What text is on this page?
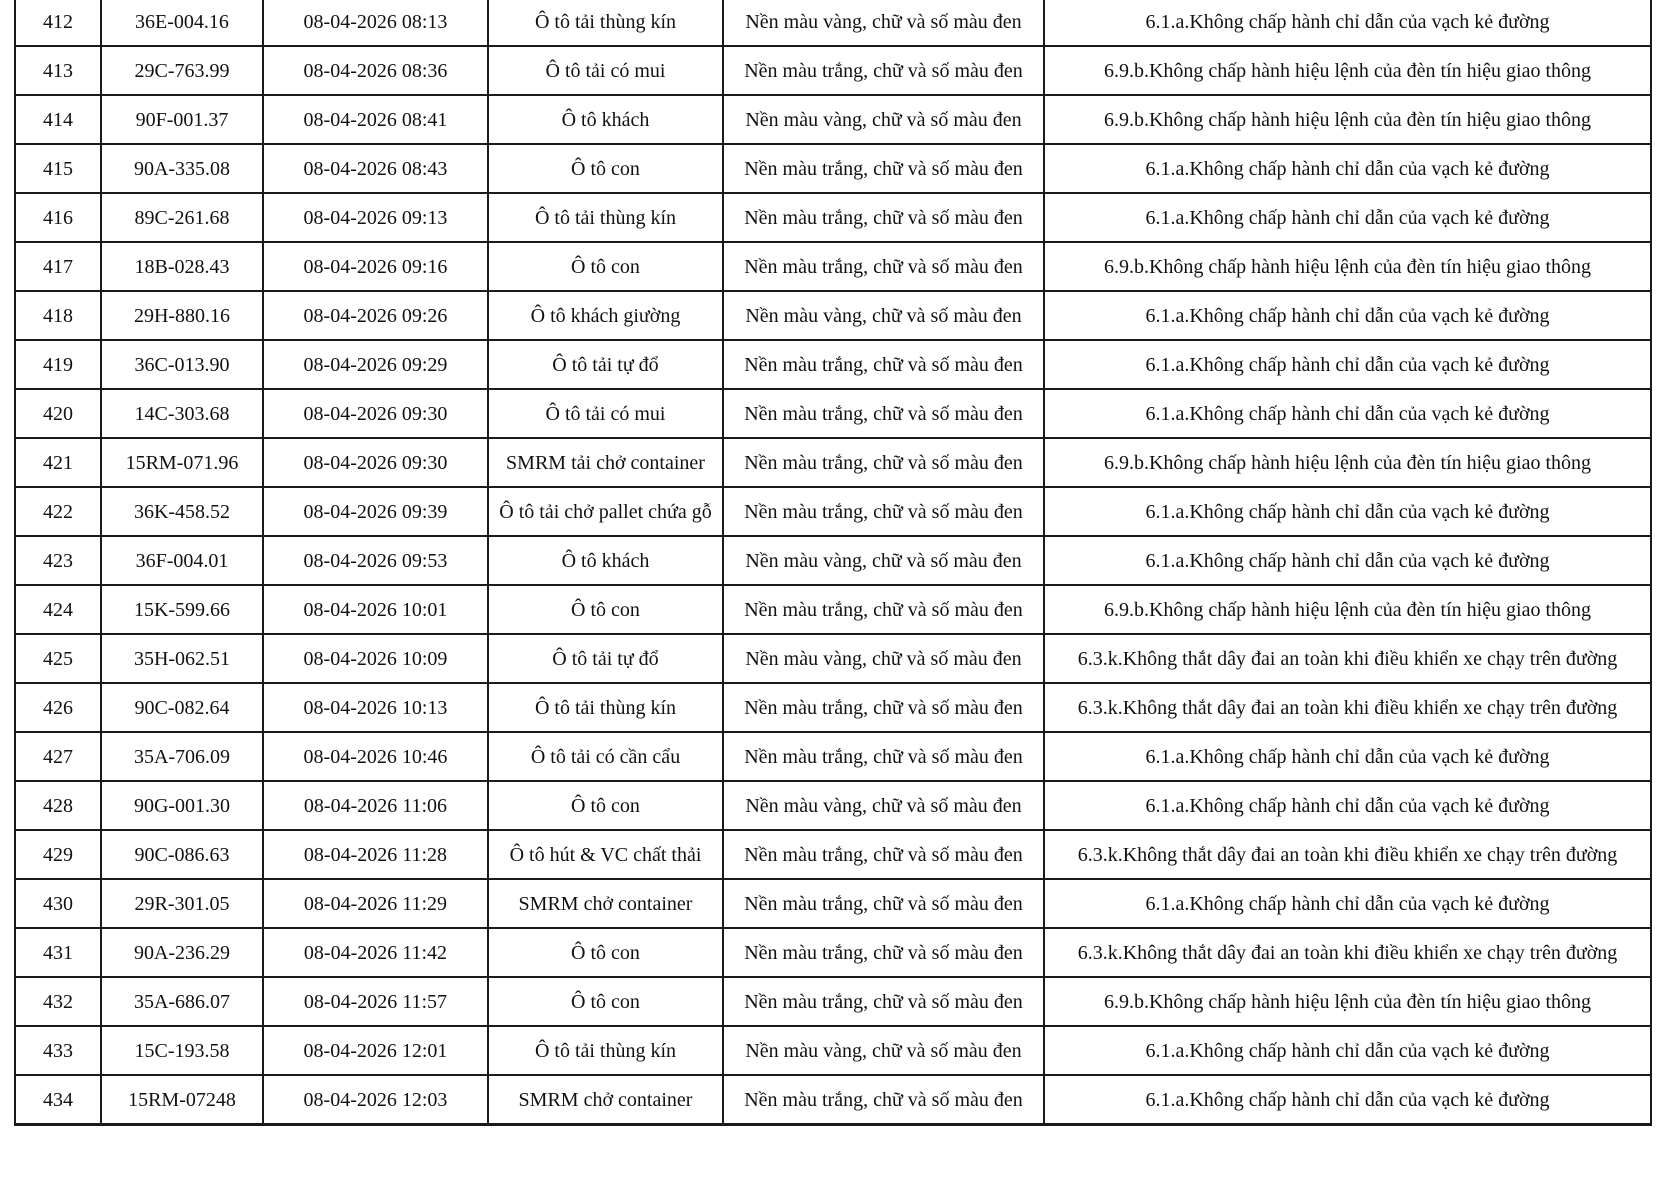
412	36E-004.16	08-04-2026 08:13	Ô tô tải thùng kín	Nền màu vàng, chữ và số màu đen	6.1.a.Không chấp hành chỉ dẫn của vạch kẻ đường
413	29C-763.99	08-04-2026 08:36	Ô tô tải có mui	Nền màu trắng, chữ và số màu đen	6.9.b.Không chấp hành hiệu lệnh của đèn tín hiệu giao thông
414	90F-001.37	08-04-2026 08:41	Ô tô khách	Nền màu vàng, chữ và số màu đen	6.9.b.Không chấp hành hiệu lệnh của đèn tín hiệu giao thông
415	90A-335.08	08-04-2026 08:43	Ô tô con	Nền màu trắng, chữ và số màu đen	6.1.a.Không chấp hành chỉ dẫn của vạch kẻ đường
416	89C-261.68	08-04-2026 09:13	Ô tô tải thùng kín	Nền màu trắng, chữ và số màu đen	6.1.a.Không chấp hành chỉ dẫn của vạch kẻ đường
417	18B-028.43	08-04-2026 09:16	Ô tô con	Nền màu trắng, chữ và số màu đen	6.9.b.Không chấp hành hiệu lệnh của đèn tín hiệu giao thông
418	29H-880.16	08-04-2026 09:26	Ô tô khách giường	Nền màu vàng, chữ và số màu đen	6.1.a.Không chấp hành chỉ dẫn của vạch kẻ đường
419	36C-013.90	08-04-2026 09:29	Ô tô tải tự đổ	Nền màu trắng, chữ và số màu đen	6.1.a.Không chấp hành chỉ dẫn của vạch kẻ đường
420	14C-303.68	08-04-2026 09:30	Ô tô tải có mui	Nền màu trắng, chữ và số màu đen	6.1.a.Không chấp hành chỉ dẫn của vạch kẻ đường
421	15RM-071.96	08-04-2026 09:30	SMRM tải chở container	Nền màu trắng, chữ và số màu đen	6.9.b.Không chấp hành hiệu lệnh của đèn tín hiệu giao thông
422	36K-458.52	08-04-2026 09:39	Ô tô tải chở pallet chứa gỗ	Nền màu trắng, chữ và số màu đen	6.1.a.Không chấp hành chỉ dẫn của vạch kẻ đường
423	36F-004.01	08-04-2026 09:53	Ô tô khách	Nền màu vàng, chữ và số màu đen	6.1.a.Không chấp hành chỉ dẫn của vạch kẻ đường
424	15K-599.66	08-04-2026 10:01	Ô tô con	Nền màu trắng, chữ và số màu đen	6.9.b.Không chấp hành hiệu lệnh của đèn tín hiệu giao thông
425	35H-062.51	08-04-2026 10:09	Ô tô tải tự đổ	Nền màu vàng, chữ và số màu đen	6.3.k.Không thắt dây đai an toàn khi điều khiển xe chạy trên đường
426	90C-082.64	08-04-2026 10:13	Ô tô tải thùng kín	Nền màu trắng, chữ và số màu đen	6.3.k.Không thắt dây đai an toàn khi điều khiển xe chạy trên đường
427	35A-706.09	08-04-2026 10:46	Ô tô tải có cần cẩu	Nền màu trắng, chữ và số màu đen	6.1.a.Không chấp hành chỉ dẫn của vạch kẻ đường
428	90G-001.30	08-04-2026 11:06	Ô tô con	Nền màu vàng, chữ và số màu đen	6.1.a.Không chấp hành chỉ dẫn của vạch kẻ đường
429	90C-086.63	08-04-2026 11:28	Ô tô hút & VC chất thải	Nền màu trắng, chữ và số màu đen	6.3.k.Không thắt dây đai an toàn khi điều khiển xe chạy trên đường
430	29R-301.05	08-04-2026 11:29	SMRM chở container	Nền màu trắng, chữ và số màu đen	6.1.a.Không chấp hành chỉ dẫn của vạch kẻ đường
431	90A-236.29	08-04-2026 11:42	Ô tô con	Nền màu trắng, chữ và số màu đen	6.3.k.Không thắt dây đai an toàn khi điều khiển xe chạy trên đường
432	35A-686.07	08-04-2026 11:57	Ô tô con	Nền màu trắng, chữ và số màu đen	6.9.b.Không chấp hành hiệu lệnh của đèn tín hiệu giao thông
433	15C-193.58	08-04-2026 12:01	Ô tô tải thùng kín	Nền màu vàng, chữ và số màu đen	6.1.a.Không chấp hành chỉ dẫn của vạch kẻ đường
434	15RM-07248	08-04-2026 12:03	SMRM chở container	Nền màu trắng, chữ và số màu đen	6.1.a.Không chấp hành chỉ dẫn của vạch kẻ đường
